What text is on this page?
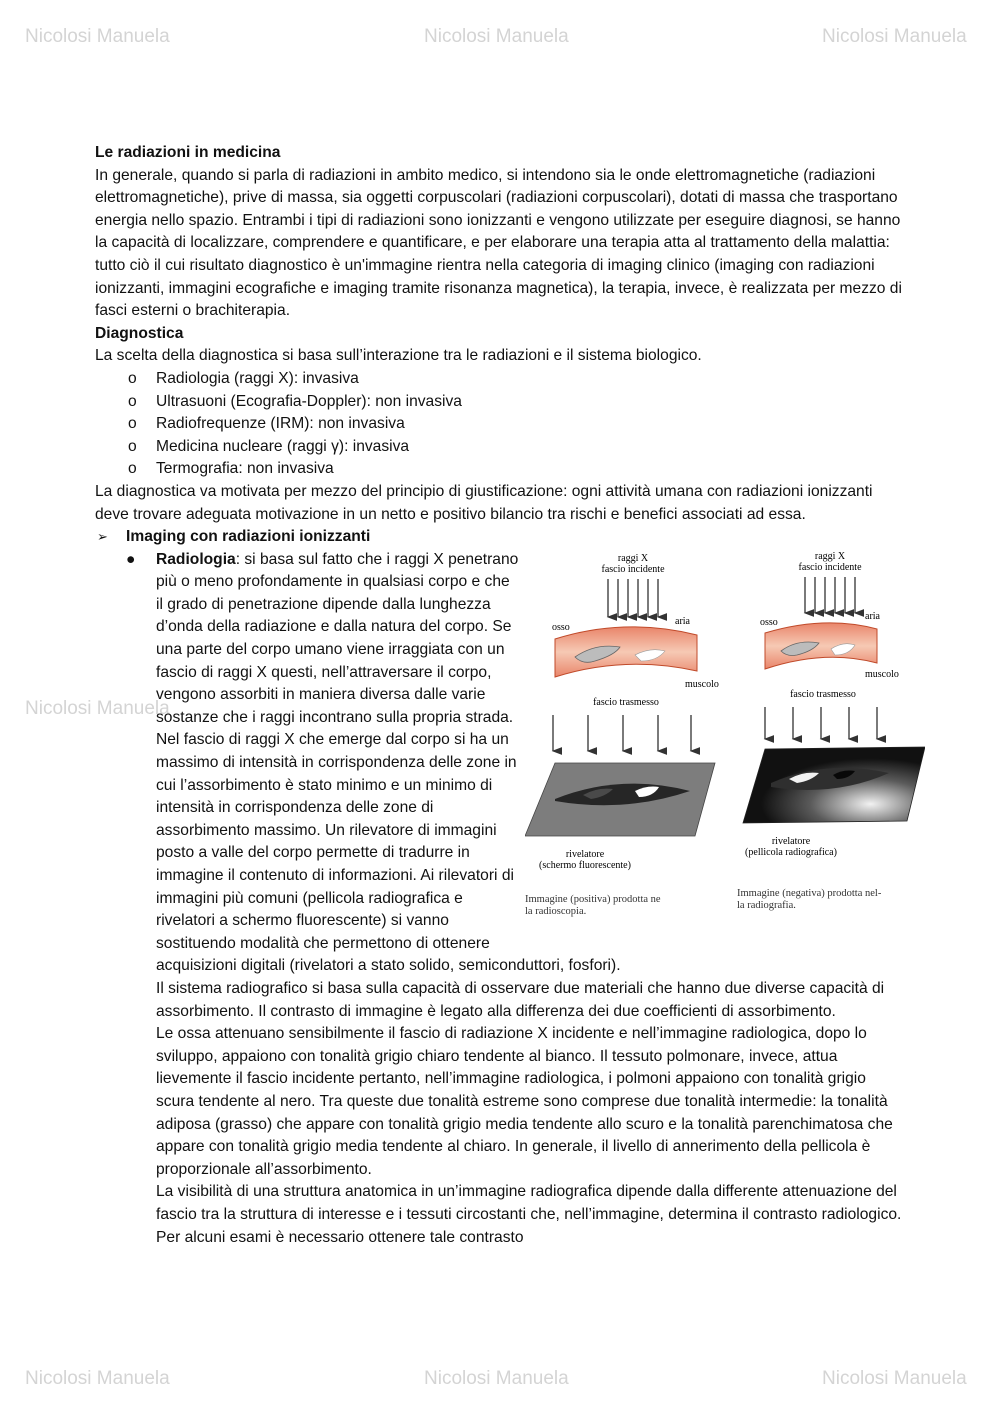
Nicolosi Manuela	Nicolosi Manuela	Nicolosi Manuela
Nicolosi Manuela
Nicolosi Manuela	Nicolosi Manuela	Nicolosi Manuela

Le radiazioni in medicina

In generale, quando si parla di radiazioni in ambito medico, si intendono sia le onde elettromagnetiche (radiazioni elettromagnetiche), prive di massa, sia oggetti corpuscolari (radiazioni corpuscolari), dotati di massa che trasportano energia nello spazio. Entrambi i tipi di radiazioni sono ionizzanti e vengono utilizzate per eseguire diagnosi, se hanno la capacità di localizzare, comprendere e quantificare, e per elaborare una terapia atta al trattamento della malattia: tutto ciò il cui risultato diagnostico è un'immagine rientra nella categoria di imaging clinico (imaging con radiazioni ionizzanti, immagini ecografiche e imaging tramite risonanza magnetica), la terapia, invece, è realizzata per mezzo di fasci esterni o brachiterapia.

Diagnostica

La scelta della diagnostica si basa sull’interazione tra le radiazioni e il sistema biologico.

o Radiologia (raggi X): invasiva
o Ultrasuoni (Ecografia-Doppler): non invasiva
o Radiofrequenze (IRM): non invasiva
o Medicina nucleare (raggi γ): invasiva
o Termografia: non invasiva

La diagnostica va motivata per mezzo del principio di giustificazione: ogni attività umana con radiazioni ionizzanti deve trovare adeguata motivazione in un netto e positivo bilancio tra rischi e benefici associati ad essa.

➢ Imaging con radiazioni ionizzanti
●	raggi X
fascio incidente
osso
aria
muscolo
fascio trasmesso
rivelatore
(schermo fluorescente)
Immagine (positiva) prodotta ne
la radioscopia.
raggi X
fascio incidente
osso
aria
muscolo
fascio trasmesso
rivelatore
(pellicola radiografica)
Immagine (negativa) prodotta nel-
la radiografia.

Radiologia: si basa sul fatto che i raggi X penetrano più o meno profondamente in qualsiasi corpo e che il grado di penetrazione dipende dalla lunghezza d’onda della radiazione e dalla natura del corpo. Se una parte del corpo umano viene irraggiata con un fascio di raggi X questi, nell’attraversare il corpo, vengono assorbiti in maniera diversa dalle varie sostanze che i raggi incontrano sulla propria strada. Nel fascio di raggi X che emerge dal corpo si ha un massimo di intensità in corrispondenza delle zone in cui l’assorbimento è stato minimo e un minimo di intensità in corrispondenza delle zone di assorbimento massimo. Un rilevatore di immagini posto a valle del corpo permette di tradurre in immagine il contenuto di informazioni. Ai rilevatori di immagini più comuni (pellicola radiografica e rivelatori a schermo fluorescente) si vanno sostituendo modalità che permettono di ottenere acquisizioni digitali (rivelatori a stato solido, semiconduttori, fosfori).

Il sistema radiografico si basa sulla capacità di osservare due materiali che hanno due diverse capacità di assorbimento. Il contrasto di immagine è legato alla differenza dei due coefficienti di assorbimento.

Le ossa attenuano sensibilmente il fascio di radiazione X incidente e nell’immagine radiologica, dopo lo sviluppo, appaiono con tonalità grigio chiaro tendente al bianco. Il tessuto polmonare, invece, attua lievemente il fascio incidente pertanto, nell’immagine radiologica, i polmoni appaiono con tonalità grigio scura tendente al nero. Tra queste due tonalità estreme sono comprese due tonalità intermedie: la tonalità adiposa (grasso) che appare con tonalità grigio media tendente allo scuro e la tonalità parenchimatosa che appare con tonalità grigio media tendente al chiaro. In generale, il livello di annerimento della pellicola è proporzionale all’assorbimento.

La visibilità di una struttura anatomica in un’immagine radiografica dipende dalla differente attenuazione del fascio tra la struttura di interesse e i tessuti circostanti che, nell’immagine, determina il contrasto radiologico. Per alcuni esami è necessario ottenere tale contrasto
